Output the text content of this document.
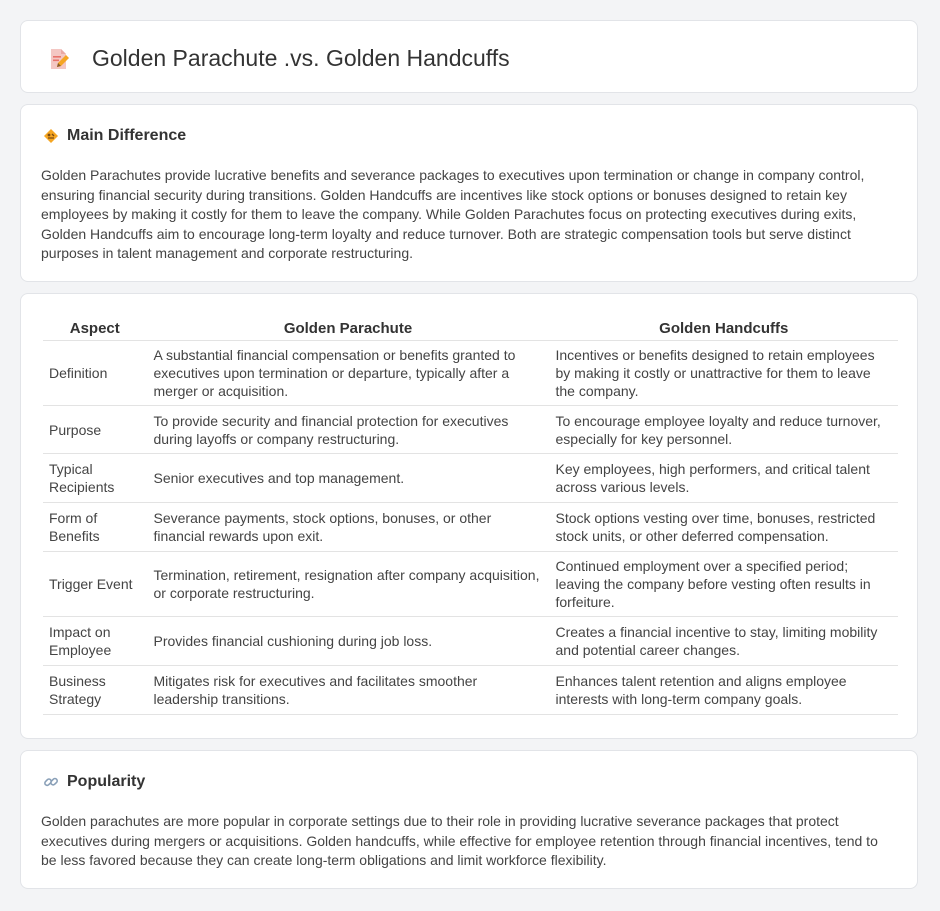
Golden Parachute .vs. Golden Handcuffs
Main Difference

Golden Parachutes provide lucrative benefits and severance packages to executives upon termination or change in company control, ensuring financial security during transitions. Golden Handcuffs are incentives like stock options or bonuses designed to retain key employees by making it costly for them to leave the company. While Golden Parachutes focus on protecting executives during exits, Golden Handcuffs aim to encourage long-term loyalty and reduce turnover. Both are strategic compensation tools but serve distinct purposes in talent management and corporate restructuring.

Aspect	Golden Parachute	Golden Handcuffs
Definition	A substantial financial compensation or benefits granted to executives upon termination or departure, typically after a merger or acquisition.	Incentives or benefits designed to retain employees by making it costly or unattractive for them to leave the company.
Purpose	To provide security and financial protection for executives during layoffs or company restructuring.	To encourage employee loyalty and reduce turnover, especially for key personnel.
Typical Recipients	Senior executives and top management.	Key employees, high performers, and critical talent across various levels.
Form of Benefits	Severance payments, stock options, bonuses, or other financial rewards upon exit.	Stock options vesting over time, bonuses, restricted stock units, or other deferred compensation.
Trigger Event	Termination, retirement, resignation after company acquisition, or corporate restructuring.	Continued employment over a specified period; leaving the company before vesting often results in forfeiture.
Impact on Employee	Provides financial cushioning during job loss.	Creates a financial incentive to stay, limiting mobility and potential career changes.
Business Strategy	Mitigates risk for executives and facilitates smoother leadership transitions.	Enhances talent retention and aligns employee interests with long-term company goals.
Popularity

Golden parachutes are more popular in corporate settings due to their role in providing lucrative severance packages that protect executives during mergers or acquisitions. Golden handcuffs, while effective for employee retention through financial incentives, tend to be less favored because they can create long-term obligations and limit workforce flexibility.
